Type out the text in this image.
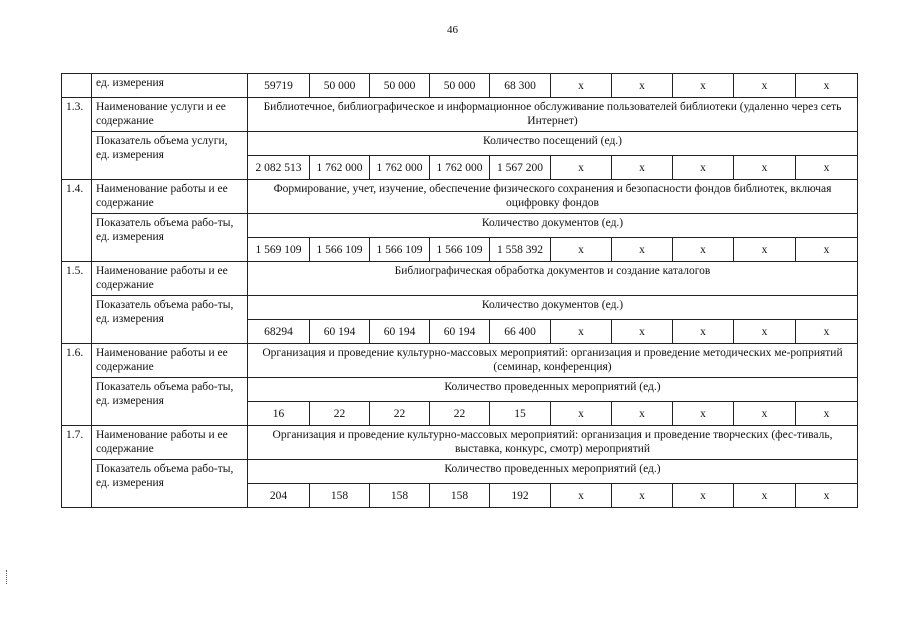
46
	ед. измерения	59719	50 000	50 000	50 000	68 300	x	x	x	x	x
1.3.	Наименование услуги и ее содержание	Библиотечное, библиографическое и информационное обслуживание пользователей библиотеки (удаленно через сеть Интернет)									
	Показатель объема услуги, ед. измерения	Количество посещений (ед.)									
		2 082 513	1 762 000	1 762 000	1 762 000	1 567 200	x	x	x	x	x
1.4.	Наименование работы и ее содержание	Формирование, учет, изучение, обеспечение физического сохранения и безопасности фондов библиотек, включая оцифровку фондов									
	Показатель объема рабо-ты, ед. измерения	Количество документов (ед.)									
		1 569 109	1 566 109	1 566 109	1 566 109	1 558 392	x	x	x	x	x
1.5.	Наименование работы и ее содержание	Библиографическая обработка документов и создание каталогов									
	Показатель объема рабо-ты, ед. измерения	Количество документов (ед.)									
		68294	60 194	60 194	60 194	66 400	x	x	x	x	x
1.6.	Наименование работы и ее содержание	Организация и проведение культурно-массовых мероприятий: организация и проведение методических ме-роприятий (семинар, конференция)									
	Показатель объема рабо-ты, ед. измерения	Количество проведенных мероприятий (ед.)									
		16	22	22	22	15	x	x	x	x	x
1.7.	Наименование работы и ее содержание	Организация и проведение культурно-массовых мероприятий: организация и проведение творческих (фес-тиваль, выставка, конкурс, смотр) мероприятий									
	Показатель объема рабо-ты, ед. измерения	Количество проведенных мероприятий (ед.)									
		204	158	158	158	192	x	x	x	x	x
